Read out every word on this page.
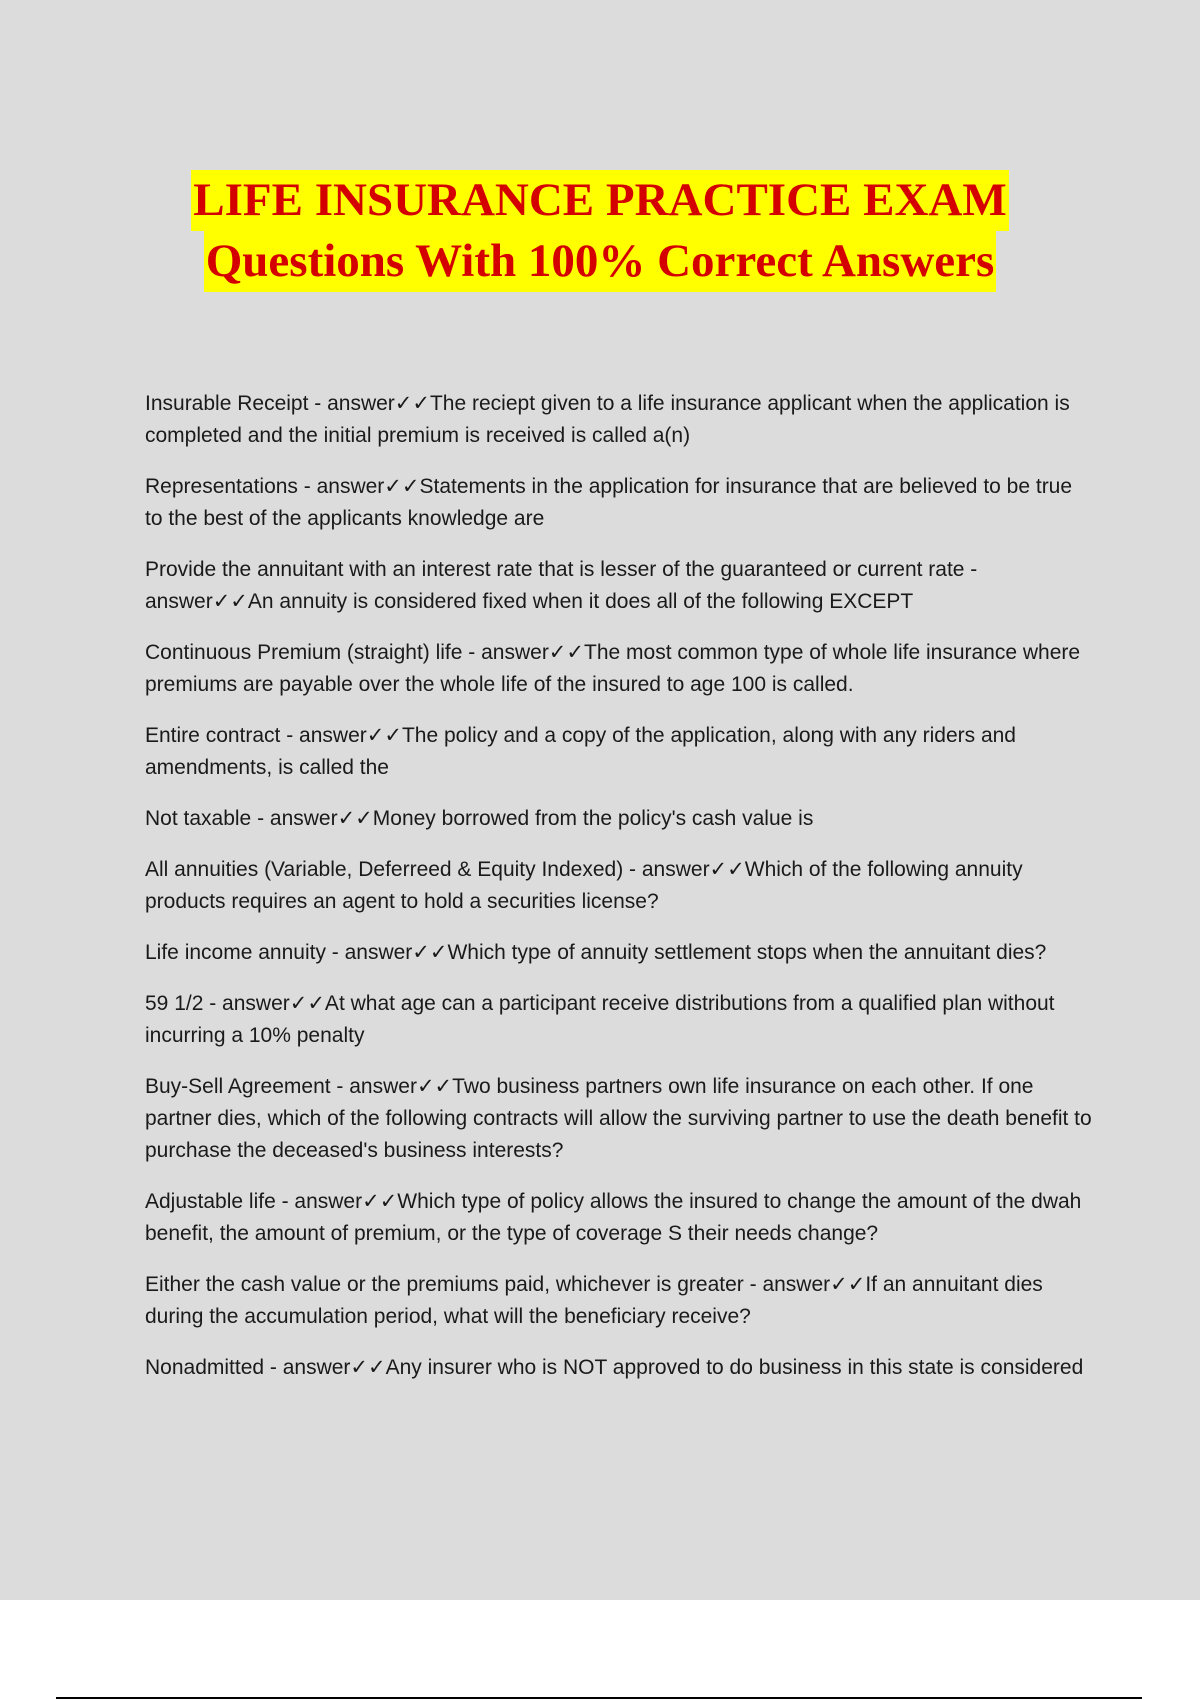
LIFE INSURANCE PRACTICE EXAM
Questions With 100% Correct Answers

Insurable Receipt - answer✓✓The reciept given to a life insurance applicant when the application is completed and the initial premium is received is called a(n)

Representations - answer✓✓Statements in the application for insurance that are believed to be true to the best of the applicants knowledge are

Provide the annuitant with an interest rate that is lesser of the guaranteed or current rate - answer✓✓An annuity is considered fixed when it does all of the following EXCEPT

Continuous Premium (straight) life - answer✓✓The most common type of whole life insurance where premiums are payable over the whole life of the insured to age 100 is called.

Entire contract - answer✓✓The policy and a copy of the application, along with any riders and amendments, is called the

Not taxable - answer✓✓Money borrowed from the policy's cash value is

All annuities (Variable, Deferreed & Equity Indexed) - answer✓✓Which of the following annuity products requires an agent to hold a securities license?

Life income annuity - answer✓✓Which type of annuity settlement stops when the annuitant dies?

59 1/2 - answer✓✓At what age can a participant receive distributions from a qualified plan without incurring a 10% penalty

Buy-Sell Agreement - answer✓✓Two business partners own life insurance on each other. If one partner dies, which of the following contracts will allow the surviving partner to use the death benefit to purchase the deceased's business interests?

Adjustable life - answer✓✓Which type of policy allows the insured to change the amount of the dwah benefit, the amount of premium, or the type of coverage S their needs change?

Either the cash value or the premiums paid, whichever is greater - answer✓✓If an annuitant dies during the accumulation period, what will the beneficiary receive?

Nonadmitted - answer✓✓Any insurer who is NOT approved to do business in this state is considered
